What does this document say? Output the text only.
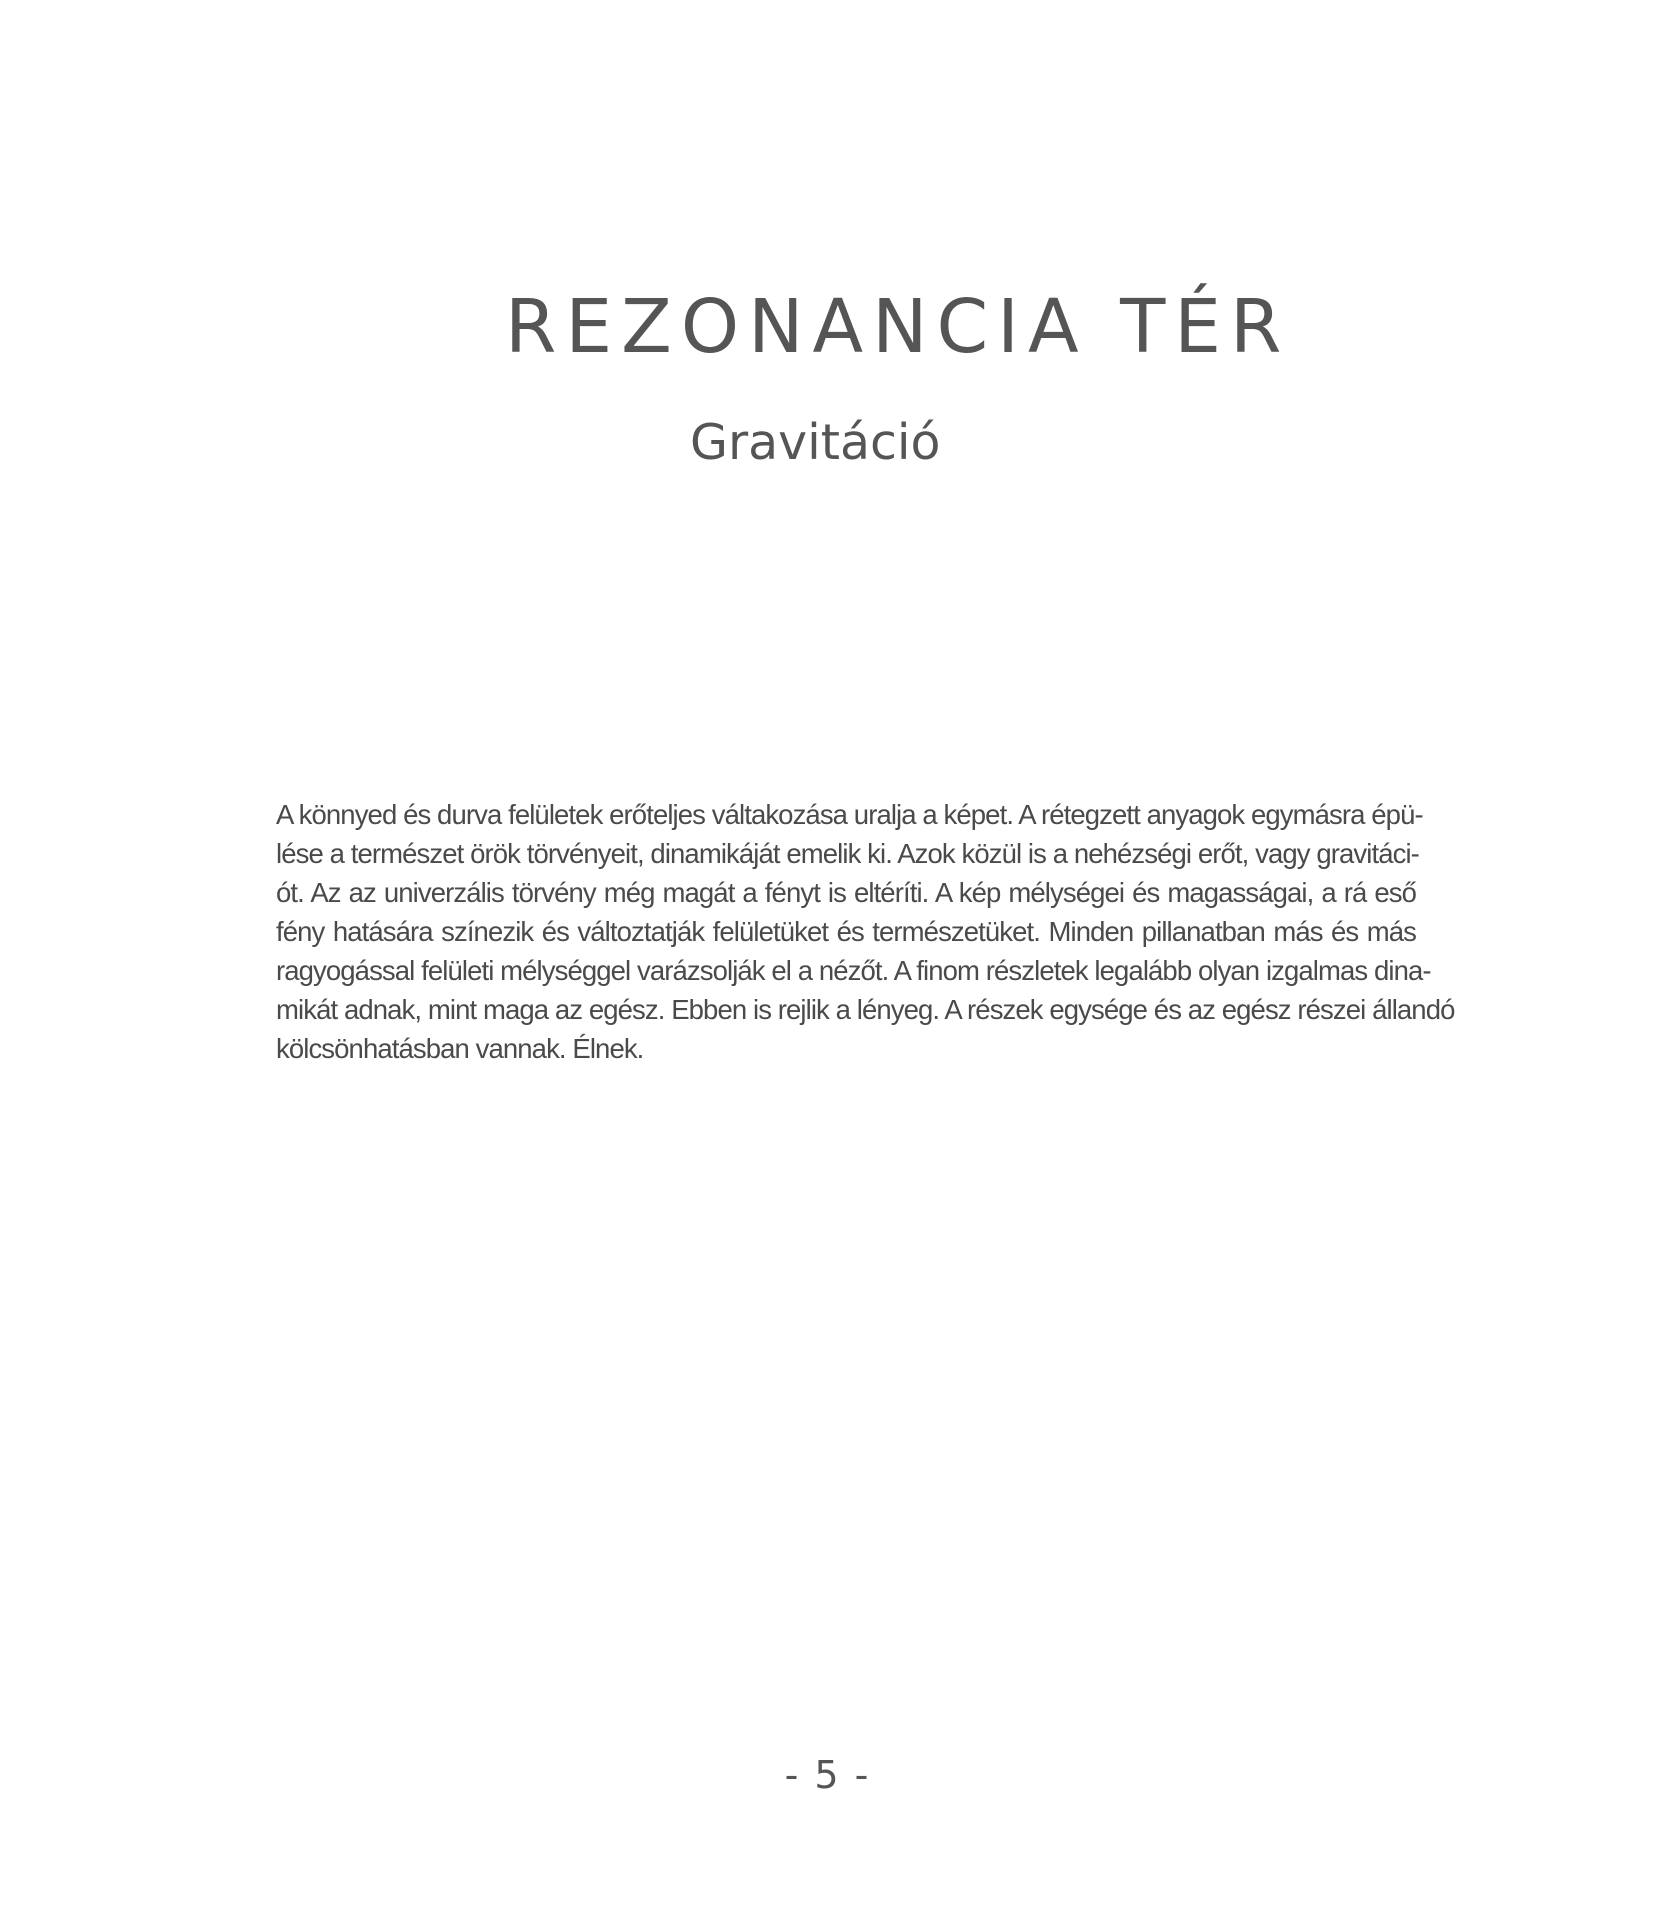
REZONANCIA TÉR
Gravitáció
A könnyed és durva felületek erőteljes váltakozása uralja a képet. A rétegzett anyagok egymásra épü-
lése a természet örök törvényeit, dinamikáját emelik ki. Azok közül is a nehézségi erőt, vagy gravitáci-
ót. Az az univerzális törvény még magát a fényt is eltéríti. A kép mélységei és magasságai, a rá eső
fény hatására színezik és változtatják felületüket és természetüket. Minden pillanatban más és más
ragyogással felületi mélységgel varázsolják el a nézőt. A finom részletek legalább olyan izgalmas dina-
mikát adnak, mint maga az egész. Ebben is rejlik a lényeg. A részek egysége és az egész részei állandó
kölcsönhatásban vannak. Élnek.
- 5 -
